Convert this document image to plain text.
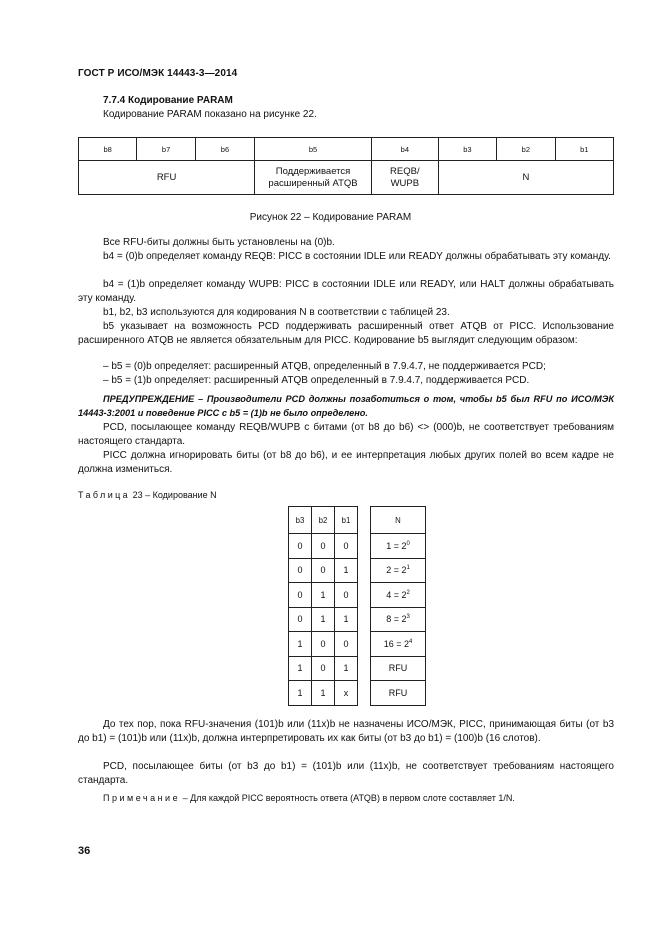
ГОСТ Р ИСО/МЭК 14443-3—2014
7.7.4 Кодирование PARAM
Кодирование PARAM показано на рисунке 22.
b8	b7	b6	b5	b4	b3	b2	b1
RFU			Поддерживается расширенный ATQB	REQB/ WUPB	N		
Рисунок 22 – Кодирование PARAM
Все RFU-биты должны быть установлены на (0)b.
b4 = (0)b определяет команду REQB: PICC в состоянии IDLE или READY должны обрабатывать эту команду.
b4 = (1)b определяет команду WUPB: PICC в состоянии IDLE или READY, или HALT должны обрабатывать эту команду.
b1, b2, b3 используются для кодирования N в соответствии с таблицей 23.
b5 указывает на возможность PCD поддерживать расширенный ответ ATQB от PICC. Использование расширенного ATQB не является обязательным для PICC. Кодирование b5 выглядит следующим образом:
– b5 = (0)b определяет: расширенный ATQB, определенный в 7.9.4.7, не поддерживается PCD;
– b5 = (1)b определяет: расширенный ATQB определенный в 7.9.4.7, поддерживается PCD.
ПРЕДУПРЕЖДЕНИЕ – Производители PCD должны позаботиться о том, чтобы b5 был RFU по ИСО/МЭК 14443-3:2001 и поведение PICC с b5 = (1)b не было определено.
PCD, посылающее команду REQB/WUPB с битами (от b8 до b6) <> (000)b, не соответствует требованиям настоящего стандарта.
PICC должна игнорировать биты (от b8 до b6), и ее интерпретация любых других полей во всем кадре не должна измениться.
Таблица 23 – Кодирование N
b3	b2	b1		N
0	0	0		$1 = 2^0$
0	0	1		$2 = 2^1$
0	1	0		$4 = 2^2$
0	1	1		$8 = 2^3$
1	0	0		$16 = 2^4$
1	0	1		RFU
1	1	x		RFU
До тех пор, пока RFU-значения (101)b или (11x)b не назначены ИСО/МЭК, PICC, принимающая биты (от b3 до b1) = (101)b или (11x)b, должна интерпретировать их как биты (от b3 до b1) = (100)b (16 слотов).
PCD, посылающее биты (от b3 до b1) = (101)b или (11x)b, не соответствует требованиям настоящего стандарта.
Примечание – Для каждой PICC вероятность ответа (ATQB) в первом слоте составляет 1/N.
36
